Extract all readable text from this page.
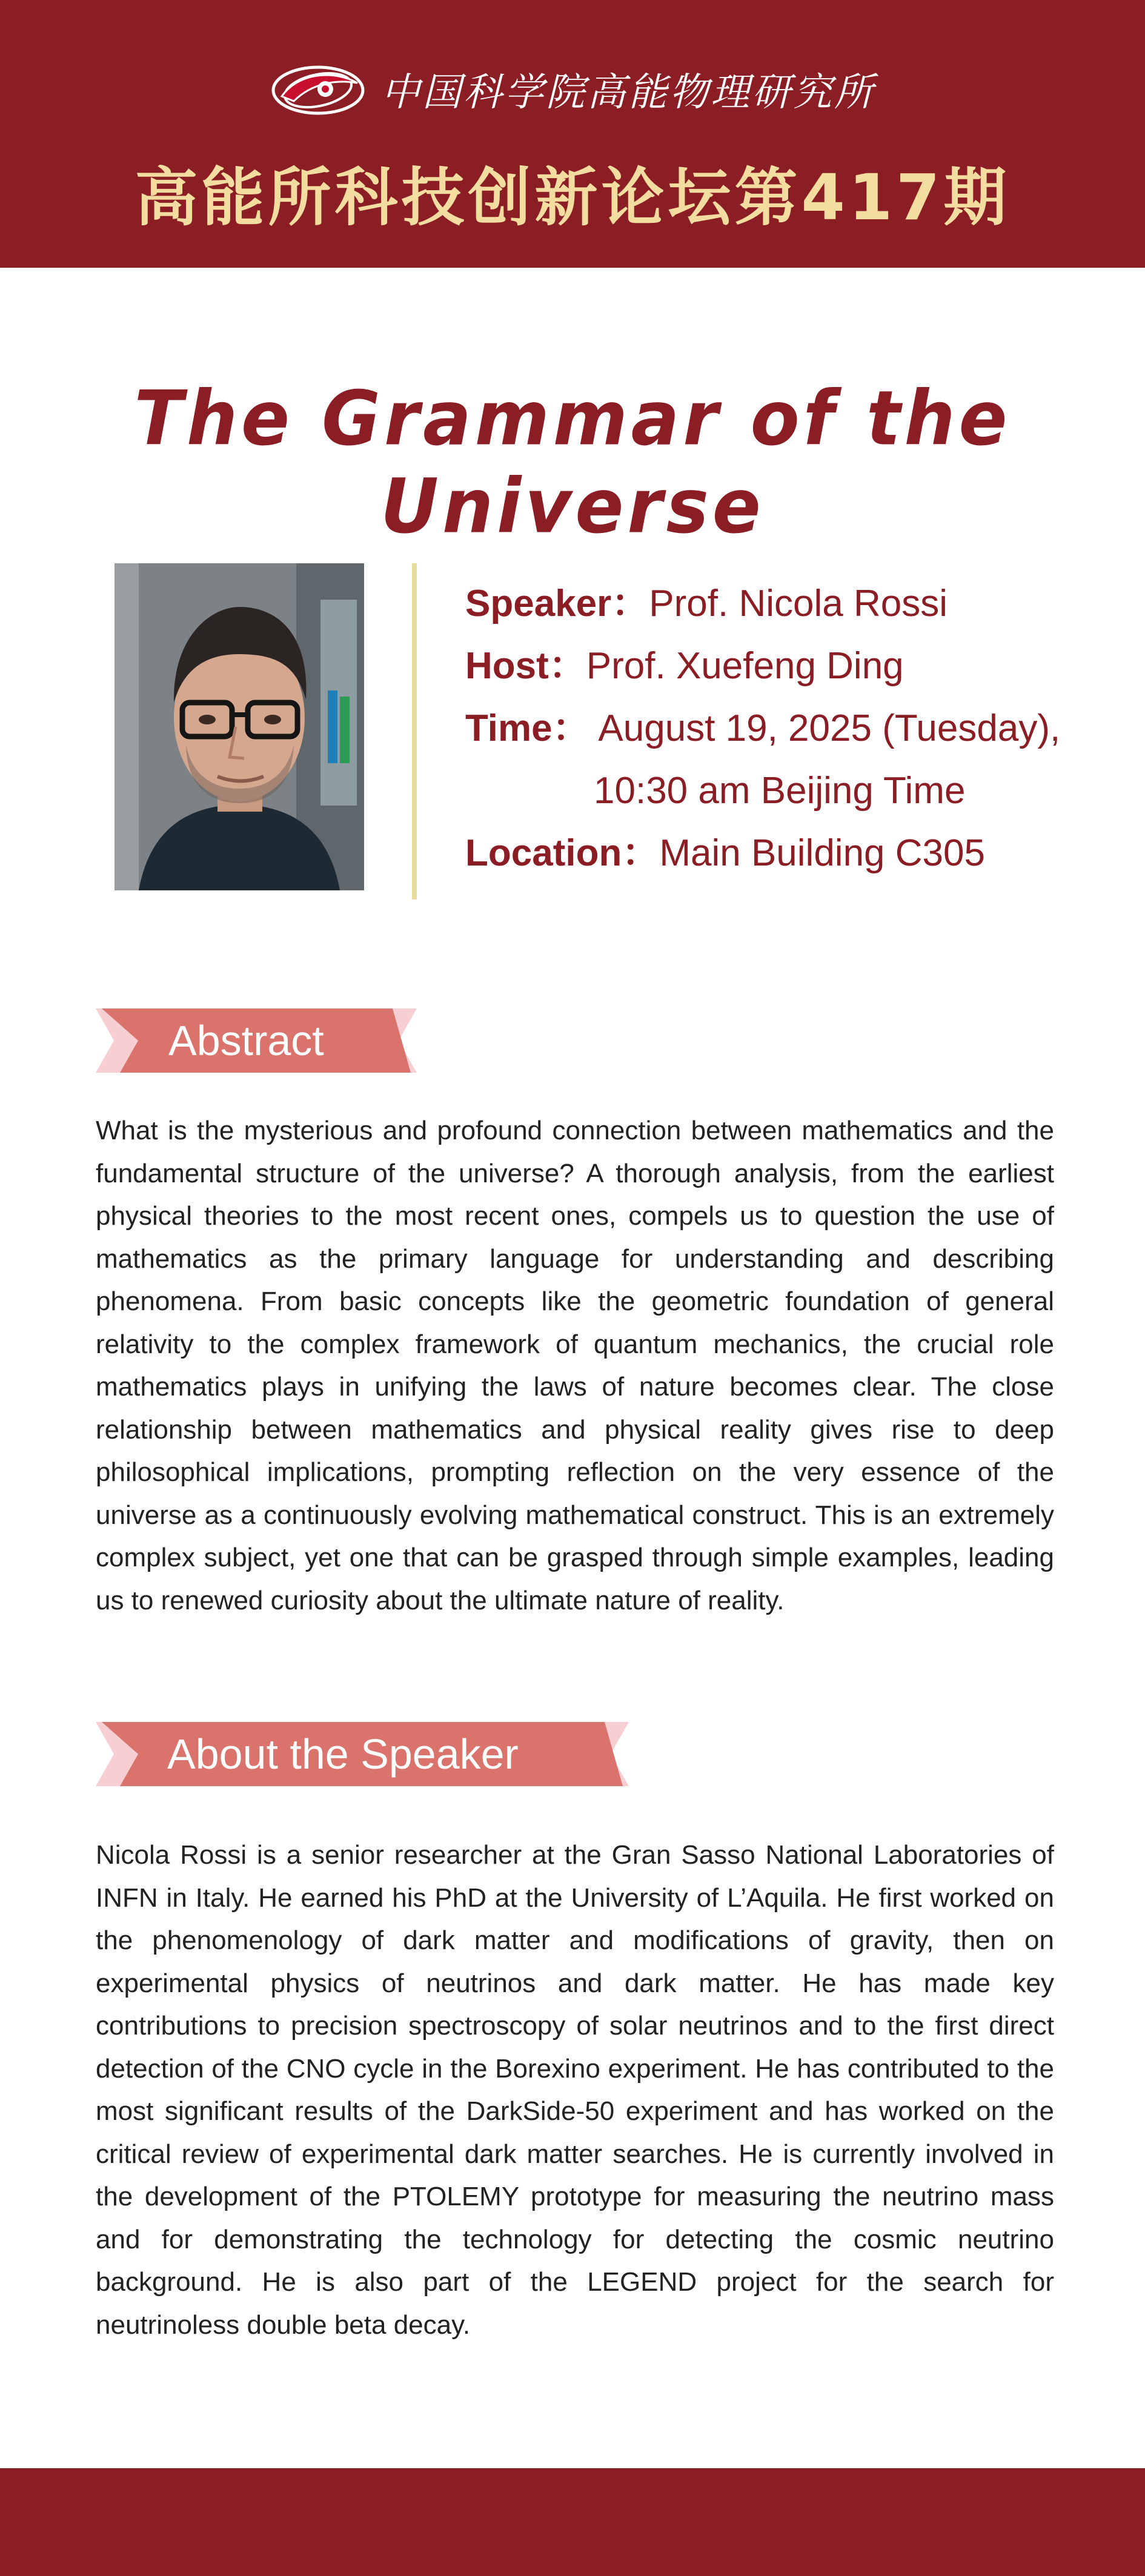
中国科学院高能物理研究所
高能所科技创新论坛第417期
The Grammar of the Universe
Speaker：Prof. Nicola Rossi
Host：Prof. Xuefeng Ding
Time： August 19, 2025 (Tuesday),
10:30 am Beijing Time
Location：Main Building C305
Abstract
What is the mysterious and profound connection between mathematics and the fundamental structure of the universe? A thorough analysis, from the earliest physical theories to the most recent ones, compels us to question the use of mathematics as the primary language for understanding and describing phenomena. From basic concepts like the geometric foundation of general relativity to the complex framework of quantum mechanics, the crucial role mathematics plays in unifying the laws of nature becomes clear. The close relationship between mathematics and physical reality gives rise to deep philosophical implications, prompting reflection on the very essence of the universe as a continuously evolving mathematical construct. This is an extremely complex subject, yet one that can be grasped through simple examples, leading us to renewed curiosity about the ultimate nature of reality.
About the Speaker
Nicola Rossi is a senior researcher at the Gran Sasso National Laboratories of INFN in Italy. He earned his PhD at the University of L’Aquila. He first worked on the phenomenology of dark matter and modifications of gravity, then on experimental physics of neutrinos and dark matter. He has made key contributions to precision spectroscopy of solar neutrinos and to the first direct detection of the CNO cycle in the Borexino experiment. He has contributed to the most significant results of the DarkSide-50 experiment and has worked on the critical review of experimental dark matter searches. He is currently involved in the development of the PTOLEMY prototype for measuring the neutrino mass and for demonstrating the technology for detecting the cosmic neutrino background. He is also part of the LEGEND project for the search for neutrinoless double beta decay.
